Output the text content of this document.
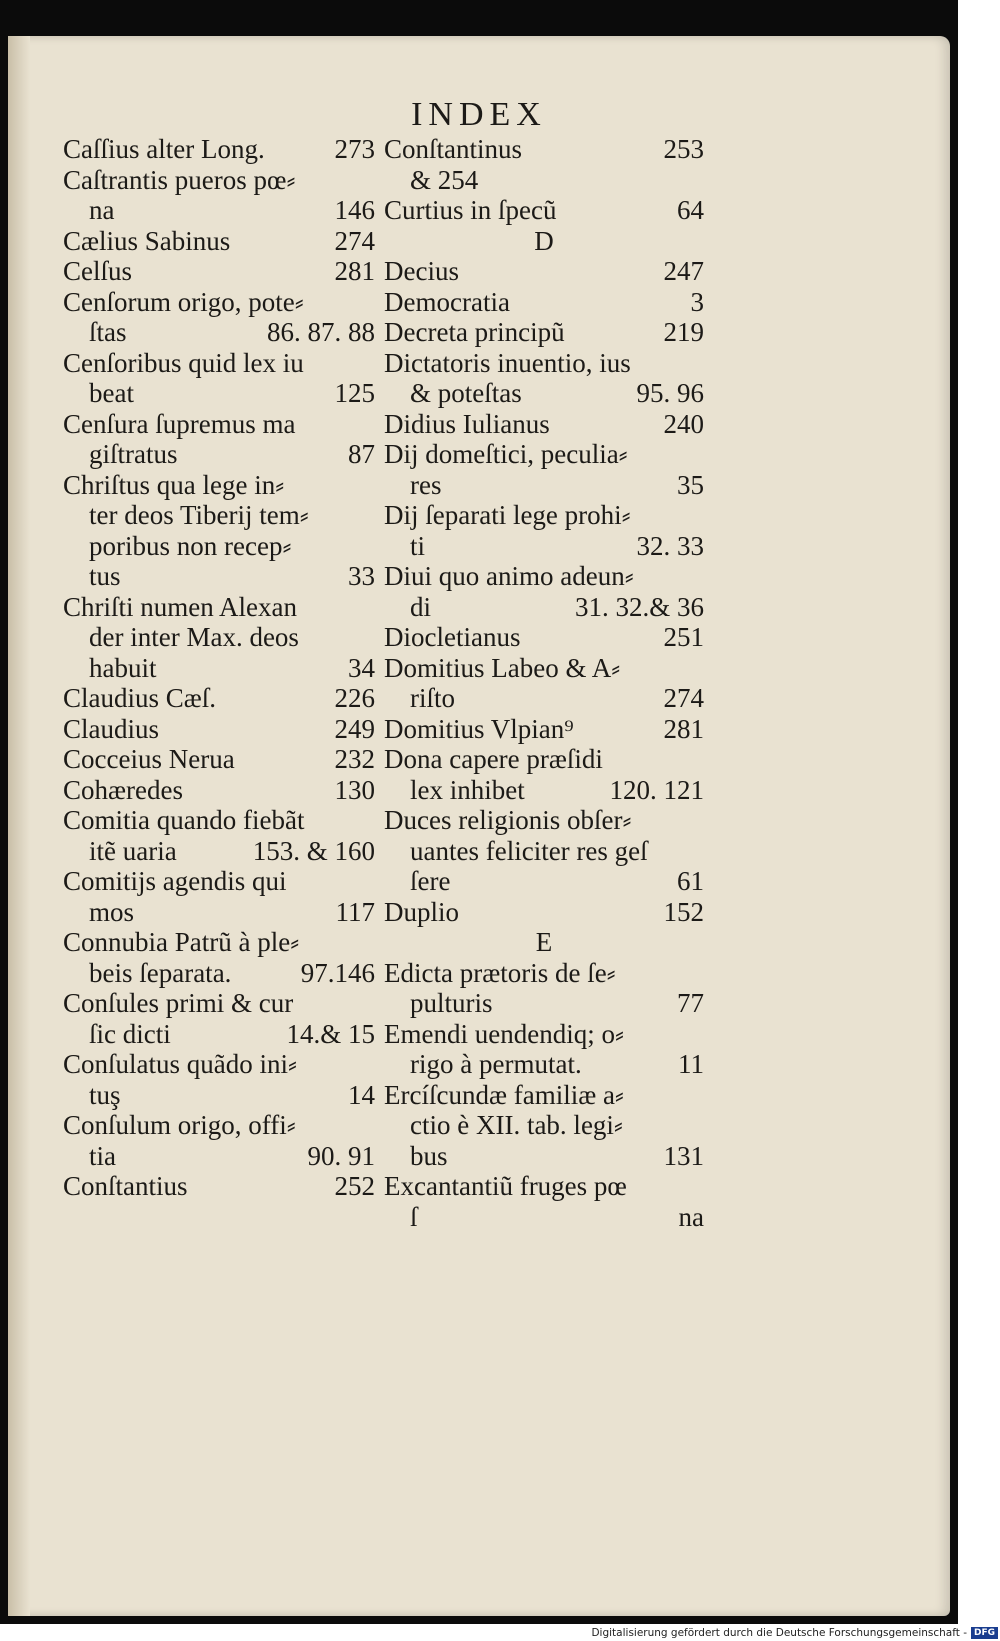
INDEX
Caſſius alter Long.	273
Caſtrantis pueros pœ⸗
na	146
Cælius Sabinus	274
Celſus	281
Cenſorum origo, pote⸗
ſtas	86. 87. 88
Cenſoribus quid lex iu
beat	125
Cenſura ſupremus ma
giſtratus	87
Chriſtus qua lege in⸗
ter deos Tiberij tem⸗
poribus non recep⸗
tus	33
Chriſti numen Alexan
der inter Max. deos
habuit	34
Claudius Cæſ.	226
Claudius	249
Cocceius Nerua	232
Cohæredes	130
Comitia quando fiebãt
itẽ uaria	153. & 160
Comitijs agendis qui
mos	117
Connubia Patrũ à ple⸗
beis ſeparata.	97.146
Conſules primi & cur
ſic dicti	14.& 15
Conſulatus quãdo ini⸗
tuş	14
Conſulum origo, offi⸗
tia	90. 91
Conſtantius	252
Conſtantinus	253
& 254
Curtius in ſpecũ	64
D
Decius	247
Democratia	3
Decreta principũ	219
Dictatoris inuentio, ius
& poteſtas	95. 96
Didius Iulianus	240
Dij domeſtici, peculia⸗
res	35
Dij ſeparati lege prohi⸗
ti	32. 33
Diui quo animo adeun⸗
di	31. 32.& 36
Diocletianus	251
Domitius Labeo & A⸗
riſto	274
Domitius Vlpian⁹	281
Dona capere præſidi
lex inhibet	120. 121
Duces religionis obſer⸗
uantes feliciter res geſ
ſere	61
Duplio	152
E
Edicta prætoris de ſe⸗
pulturis	77
Emendi uendendiq; o⸗
rigo à permutat.	11
Ercíſcundæ familiæ a⸗
ctio è XII. tab. legi⸗
bus	131
Excantantiũ fruges pœ
ſ	na
Digitalisierung gefördert durch die Deutsche Forschungsgemeinschaft - DFG
